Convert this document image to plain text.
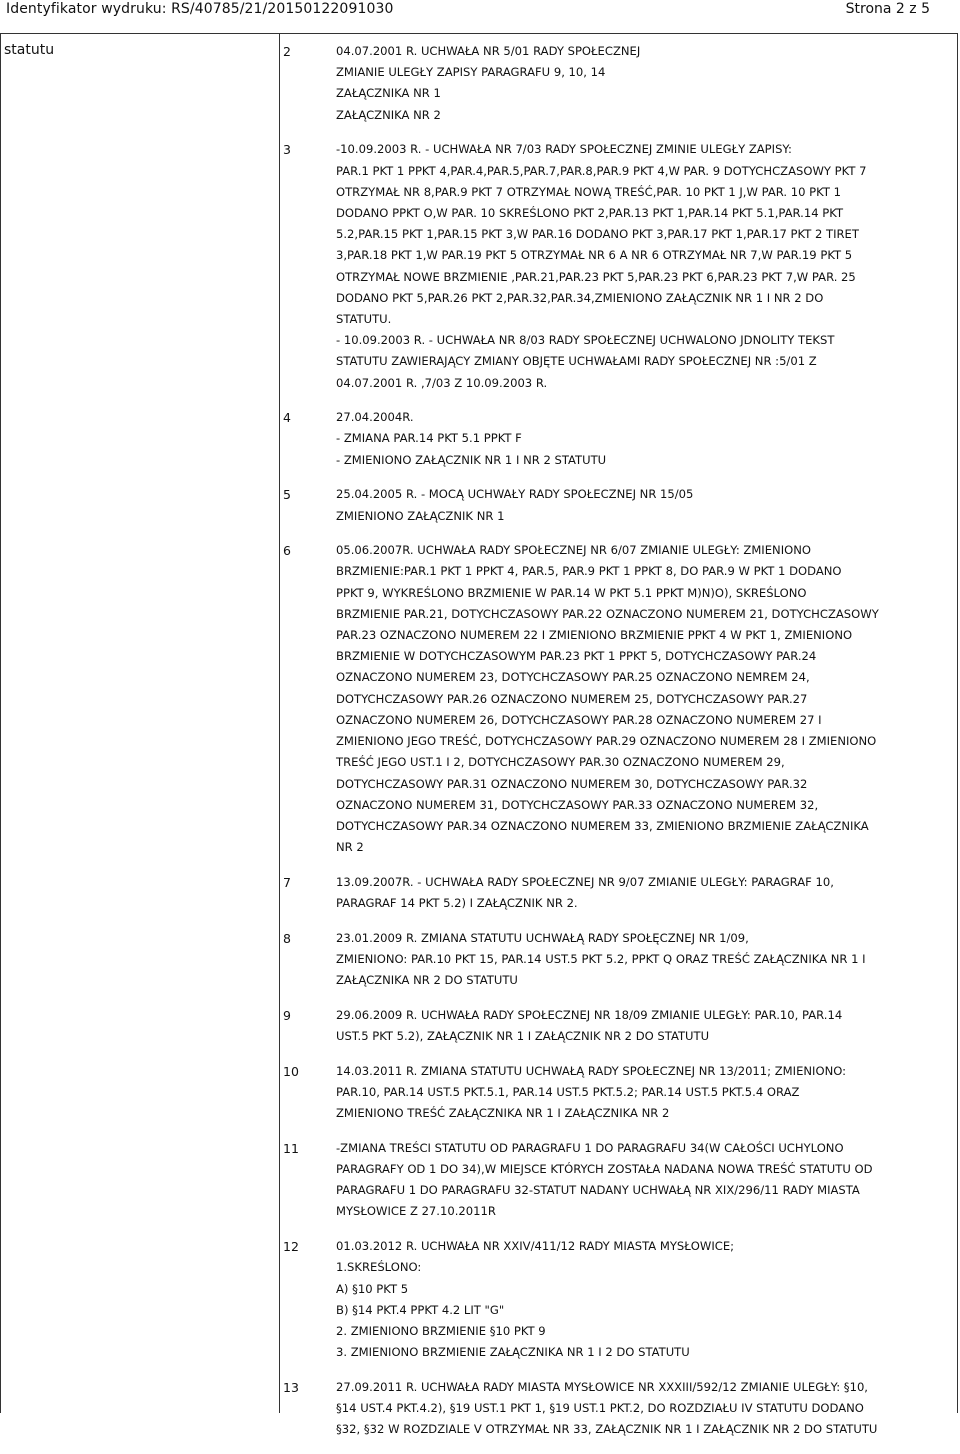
Identyfikator wydruku: RS/40785/21/20150122091030	Strona 2 z 5
statutu	2	04.07.2001 R. UCHWAŁA NR 5/01 RADY SPOŁECZNEJ
ZMIANIE ULEGŁY ZAPISY PARAGRAFU 9, 10, 14
ZAŁĄCZNIKA NR 1
ZAŁĄCZNIKA NR 2
3	-10.09.2003 R. - UCHWAŁA NR 7/03 RADY SPOŁECZNEJ ZMINIE ULEGŁY ZAPISY:
PAR.1 PKT 1 PPKT 4,PAR.4,PAR.5,PAR.7,PAR.8,PAR.9 PKT 4,W PAR. 9 DOTYCHCZASOWY PKT 7
OTRZYMAŁ NR 8,PAR.9 PKT 7 OTRZYMAŁ NOWĄ TREŚĆ,PAR. 10 PKT 1 J,W PAR. 10 PKT 1
DODANO PPKT O,W PAR. 10 SKREŚLONO PKT 2,PAR.13 PKT 1,PAR.14 PKT 5.1,PAR.14 PKT
5.2,PAR.15 PKT 1,PAR.15 PKT 3,W PAR.16 DODANO PKT 3,PAR.17 PKT 1,PAR.17 PKT 2 TIRET
3,PAR.18 PKT 1,W PAR.19 PKT 5 OTRZYMAŁ NR 6 A NR 6 OTRZYMAŁ NR 7,W PAR.19 PKT 5
OTRZYMAŁ NOWE BRZMIENIE ,PAR.21,PAR.23 PKT 5,PAR.23 PKT 6,PAR.23 PKT 7,W PAR. 25
DODANO PKT 5,PAR.26 PKT 2,PAR.32,PAR.34,ZMIENIONO ZAŁĄCZNIK NR 1 I NR 2 DO
STATUTU.
- 10.09.2003 R. - UCHWAŁA NR 8/03 RADY SPOŁECZNEJ UCHWALONO JDNOLITY TEKST
STATUTU ZAWIERAJĄCY ZMIANY OBJĘTE UCHWAŁAMI RADY SPOŁECZNEJ NR :5/01 Z
04.07.2001 R. ,7/03 Z 10.09.2003 R.
4	27.04.2004R.
- ZMIANA PAR.14 PKT 5.1 PPKT F
- ZMIENIONO ZAŁĄCZNIK NR 1 I NR 2 STATUTU
5	25.04.2005 R. - MOCĄ UCHWAŁY RADY SPOŁECZNEJ NR 15/05
ZMIENIONO ZAŁĄCZNIK NR 1
6	05.06.2007R. UCHWAŁA RADY SPOŁECZNEJ NR 6/07 ZMIANIE ULEGŁY: ZMIENIONO
BRZMIENIE:PAR.1 PKT 1 PPKT 4, PAR.5, PAR.9 PKT 1 PPKT 8, DO PAR.9 W PKT 1 DODANO
PPKT 9, WYKREŚLONO BRZMIENIE W PAR.14 W PKT 5.1 PPKT M)N)O), SKREŚLONO
BRZMIENIE PAR.21, DOTYCHCZASOWY PAR.22 OZNACZONO NUMEREM 21, DOTYCHCZASOWY
PAR.23 OZNACZONO NUMEREM 22 I ZMIENIONO BRZMIENIE PPKT 4 W PKT 1, ZMIENIONO
BRZMIENIE W DOTYCHCZASOWYM PAR.23 PKT 1 PPKT 5, DOTYCHCZASOWY PAR.24
OZNACZONO NUMEREM 23, DOTYCHCZASOWY PAR.25 OZNACZONO NEMREM 24,
DOTYCHCZASOWY PAR.26 OZNACZONO NUMEREM 25, DOTYCHCZASOWY PAR.27
OZNACZONO NUMEREM 26, DOTYCHCZASOWY PAR.28 OZNACZONO NUMEREM 27 I
ZMIENIONO JEGO TREŚĆ, DOTYCHCZASOWY PAR.29 OZNACZONO NUMEREM 28 I ZMIENIONO
TREŚĆ JEGO UST.1 I 2, DOTYCHCZASOWY PAR.30 OZNACZONO NUMEREM 29,
DOTYCHCZASOWY PAR.31 OZNACZONO NUMEREM 30, DOTYCHCZASOWY PAR.32
OZNACZONO NUMEREM 31, DOTYCHCZASOWY PAR.33 OZNACZONO NUMEREM 32,
DOTYCHCZASOWY PAR.34 OZNACZONO NUMEREM 33, ZMIENIONO BRZMIENIE ZAŁĄCZNIKA
NR 2
7	13.09.2007R. - UCHWAŁA RADY SPOŁECZNEJ NR 9/07 ZMIANIE ULEGŁY: PARAGRAF 10,
PARAGRAF 14 PKT 5.2) I ZAŁĄCZNIK NR 2.
8	23.01.2009 R. ZMIANA STATUTU UCHWAŁĄ RADY SPOŁĘCZNEJ NR 1/09,
ZMIENIONO: PAR.10 PKT 15, PAR.14 UST.5 PKT 5.2, PPKT Q ORAZ TREŚĆ ZAŁĄCZNIKA NR 1 I
ZAŁĄCZNIKA NR 2 DO STATUTU
9	29.06.2009 R. UCHWAŁA RADY SPOŁECZNEJ NR 18/09 ZMIANIE ULEGŁY: PAR.10, PAR.14
UST.5 PKT 5.2), ZAŁĄCZNIK NR 1 I ZAŁĄCZNIK NR 2 DO STATUTU
10	14.03.2011 R. ZMIANA STATUTU UCHWAŁĄ RADY SPOŁECZNEJ NR 13/2011; ZMIENIONO:
PAR.10, PAR.14 UST.5 PKT.5.1, PAR.14 UST.5 PKT.5.2; PAR.14 UST.5 PKT.5.4 ORAZ
ZMIENIONO TREŚĆ ZAŁĄCZNIKA NR 1 I ZAŁĄCZNIKA NR 2
11	-ZMIANA TREŚCI STATUTU OD PARAGRAFU 1 DO PARAGRAFU 34(W CAŁOŚCI UCHYLONO
PARAGRAFY OD 1 DO 34),W MIEJSCE KTÓRYCH ZOSTAŁA NADANA NOWA TREŚĆ STATUTU OD
PARAGRAFU 1 DO PARAGRAFU 32-STATUT NADANY UCHWAŁĄ NR XIX/296/11 RADY MIASTA
MYSŁOWICE Z 27.10.2011R
12	01.03.2012 R. UCHWAŁA NR XXIV/411/12 RADY MIASTA MYSŁOWICE;
1.SKREŚLONO:
A) §10 PKT 5
B) §14 PKT.4 PPKT 4.2 LIT "G"
2. ZMIENIONO BRZMIENIE §10 PKT 9
3. ZMIENIONO BRZMIENIE ZAŁĄCZNIKA NR 1 I 2 DO STATUTU
13	27.09.2011 R. UCHWAŁA RADY MIASTA MYSŁOWICE NR XXXIII/592/12 ZMIANIE ULEGŁY: §10,
§14 UST.4 PKT.4.2), §19 UST.1 PKT 1, §19 UST.1 PKT.2, DO ROZDZIAŁU IV STATUTU DODANO
§32, §32 W ROZDZIALE V OTRZYMAŁ NR 33, ZAŁĄCZNIK NR 1 I ZAŁĄCZNIK NR 2 DO STATUTU
